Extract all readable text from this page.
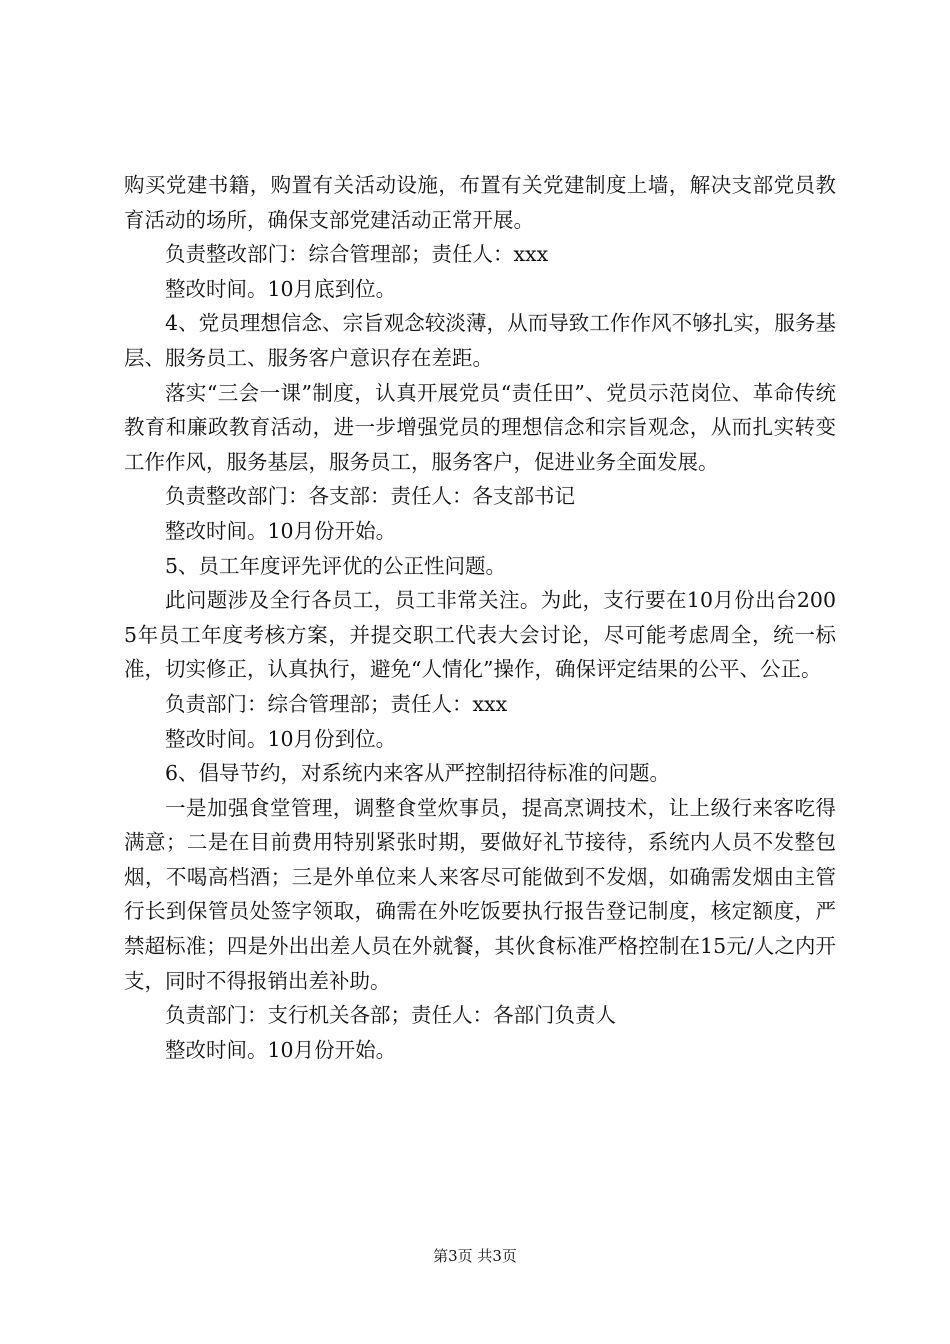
购买党建书籍，购置有关活动设施，布置有关党建制度上墙，解决支部党员教育活动的场所，确保支部党建活动正常开展。

负责整改部门：综合管理部；责任人：xxx

整改时间。10月底到位。

4、党员理想信念、宗旨观念较淡薄，从而导致工作作风不够扎实，服务基层、服务员工、服务客户意识存在差距。

落实“三会一课”制度，认真开展党员“责任田”、党员示范岗位、革命传统教育和廉政教育活动，进一步增强党员的理想信念和宗旨观念，从而扎实转变工作作风，服务基层，服务员工，服务客户，促进业务全面发展。

负责整改部门：各支部：责任人：各支部书记

整改时间。10月份开始。

5、员工年度评先评优的公正性问题。

此问题涉及全行各员工，员工非常关注。为此，支行要在10月份出台2005年员工年度考核方案，并提交职工代表大会讨论，尽可能考虑周全，统一标准，切实修正，认真执行，避免“人情化”操作，确保评定结果的公平、公正。

负责部门：综合管理部；责任人：xxx

整改时间。10月份到位。

6、倡导节约，对系统内来客从严控制招待标准的问题。

一是加强食堂管理，调整食堂炊事员，提高烹调技术，让上级行来客吃得满意；二是在目前费用特别紧张时期，要做好礼节接待，系统内人员不发整包烟，不喝高档酒；三是外单位来人来客尽可能做到不发烟，如确需发烟由主管行长到保管员处签字领取，确需在外吃饭要执行报告登记制度，核定额度，严禁超标准；四是外出出差人员在外就餐，其伙食标准严格控制在15元/人之内开支，同时不得报销出差补助。

负责部门：支行机关各部；责任人：各部门负责人

整改时间。10月份开始。

第3页 共3页
